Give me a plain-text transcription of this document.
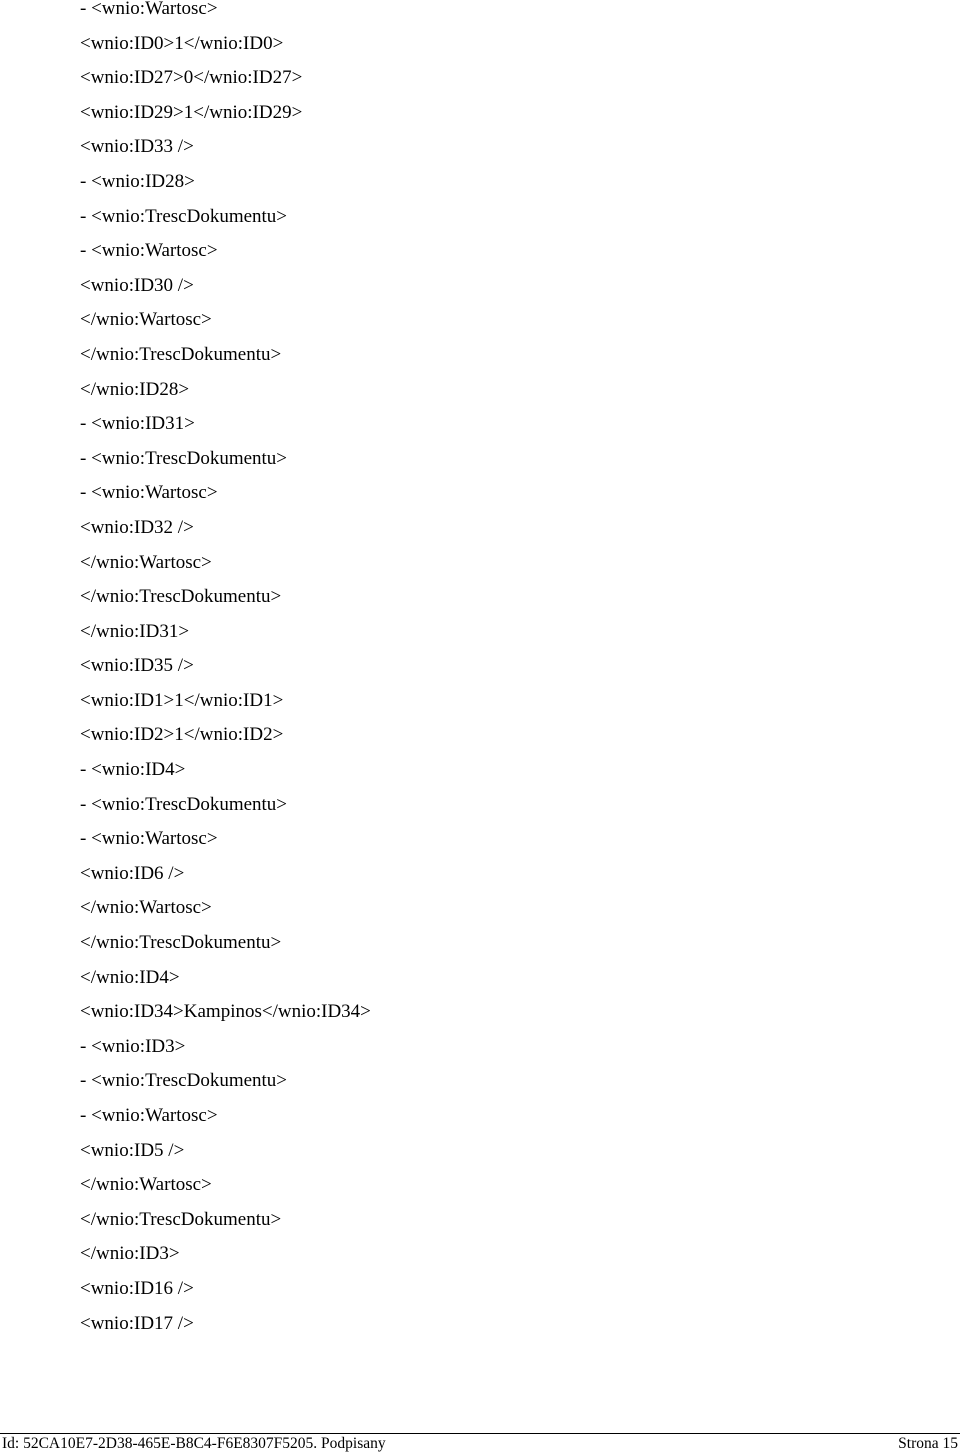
- <wnio:Wartosc>
<wnio:ID0>1</wnio:ID0>
<wnio:ID27>0</wnio:ID27>
<wnio:ID29>1</wnio:ID29>
<wnio:ID33 />
- <wnio:ID28>
- <wnio:TrescDokumentu>
- <wnio:Wartosc>
<wnio:ID30 />
</wnio:Wartosc>
</wnio:TrescDokumentu>
</wnio:ID28>
- <wnio:ID31>
- <wnio:TrescDokumentu>
- <wnio:Wartosc>
<wnio:ID32 />
</wnio:Wartosc>
</wnio:TrescDokumentu>
</wnio:ID31>
<wnio:ID35 />
<wnio:ID1>1</wnio:ID1>
<wnio:ID2>1</wnio:ID2>
- <wnio:ID4>
- <wnio:TrescDokumentu>
- <wnio:Wartosc>
<wnio:ID6 />
</wnio:Wartosc>
</wnio:TrescDokumentu>
</wnio:ID4>
<wnio:ID34>Kampinos</wnio:ID34>
- <wnio:ID3>
- <wnio:TrescDokumentu>
- <wnio:Wartosc>
<wnio:ID5 />
</wnio:Wartosc>
</wnio:TrescDokumentu>
</wnio:ID3>
<wnio:ID16 />
<wnio:ID17 />
Id: 52CA10E7-2D38-465E-B8C4-F6E8307F5205. Podpisany	Strona 15
